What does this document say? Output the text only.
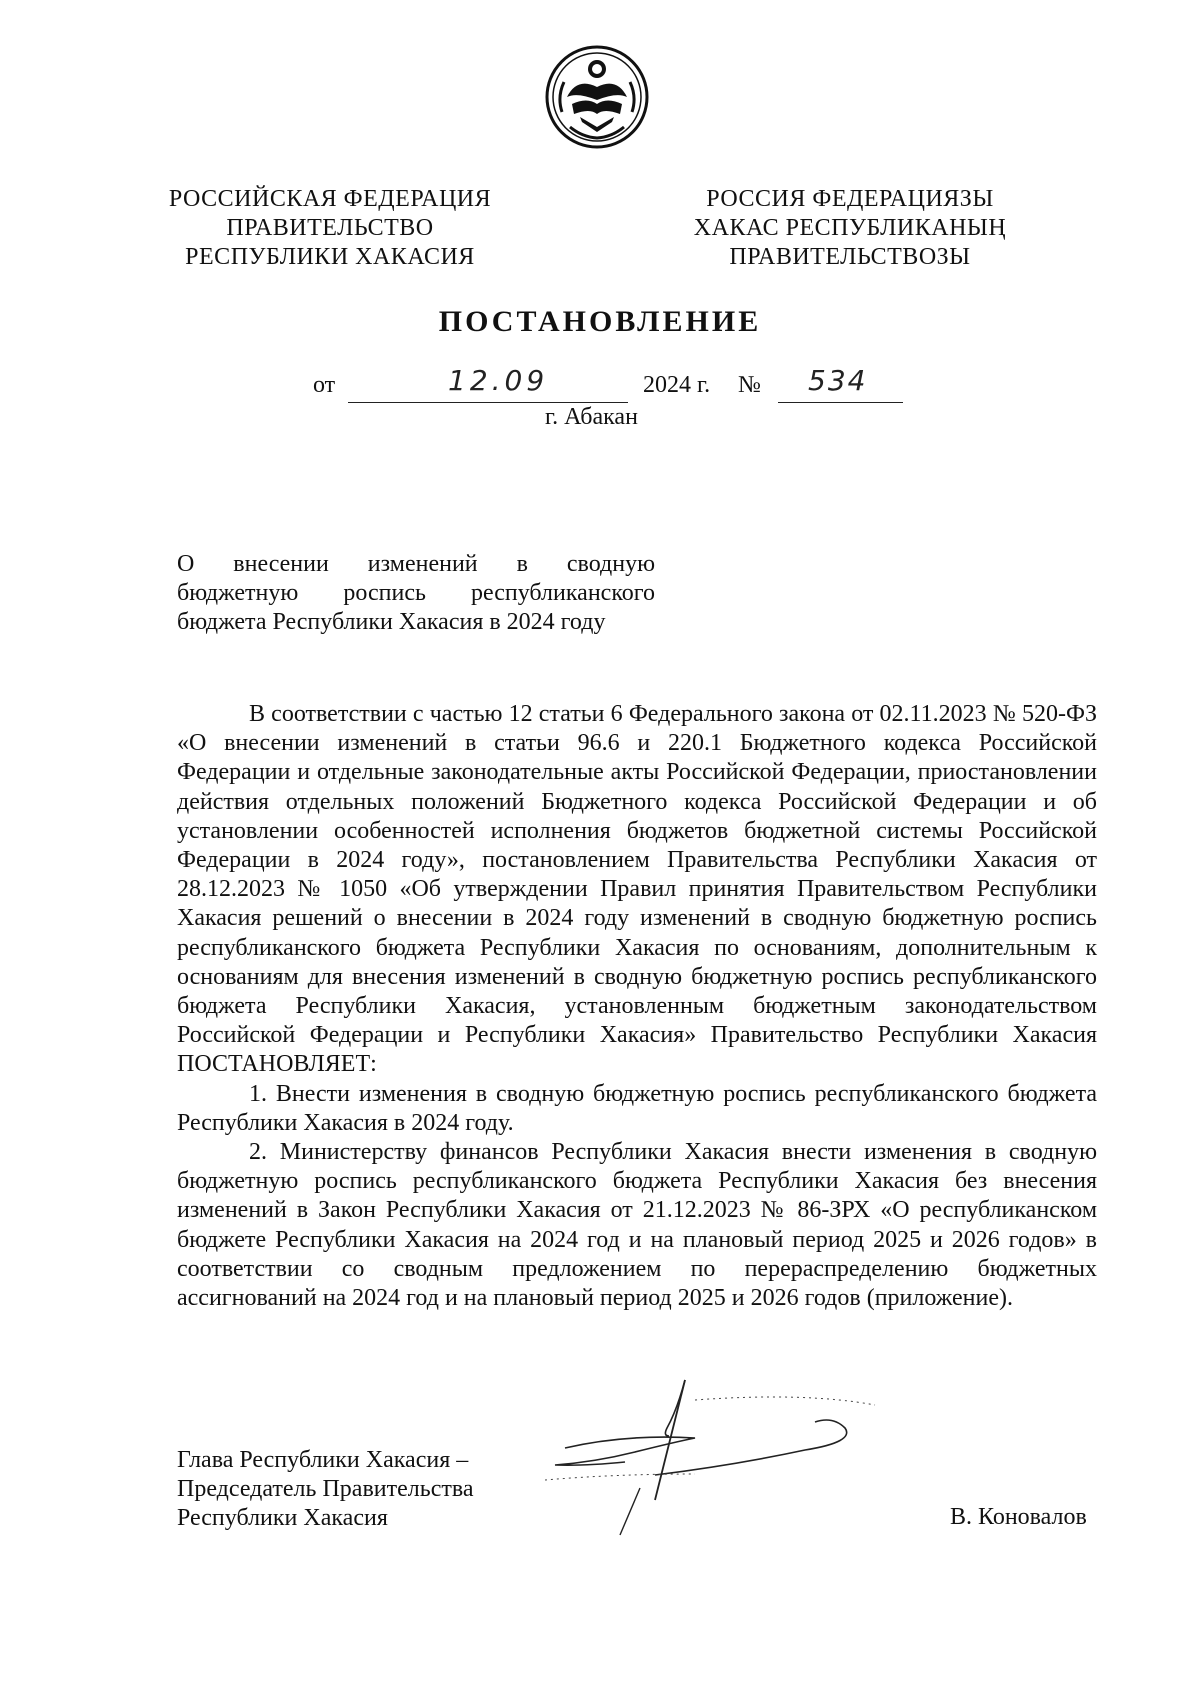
РОССИЙСКАЯ ФЕДЕРАЦИЯ
ПРАВИТЕЛЬСТВО
РЕСПУБЛИКИ ХАКАСИЯ
РОССИЯ ФЕДЕРАЦИЯЗЫ
ХАКАС РЕСПУБЛИКАНЫҢ
ПРАВИТЕЛЬСТВОЗЫ
ПОСТАНОВЛЕНИЕ
от	12.09	2024 г. № 534
г. Абакан
О внесении изменений в сводную
бюджетную роспись республиканского
бюджета Республики Хакасия в 2024 году

В соответствии с частью 12 статьи 6 Федерального закона от 02.11.2023 № 520-ФЗ «О внесении изменений в статьи 96.6 и 220.1 Бюджетного кодекса Российской Федерации и отдельные законодательные акты Российской Федерации, приостановлении действия отдельных положений Бюджетного кодекса Российской Федерации и об установлении особенностей исполнения бюджетов бюджетной системы Российской Федерации в 2024 году», постановлением Правительства Республики Хакасия от 28.12.2023 № 1050 «Об утверждении Правил принятия Правительством Республики Хакасия решений о внесении в 2024 году изменений в сводную бюджетную роспись республиканского бюджета Республики Хакасия по основаниям, дополнительным к основаниям для внесения изменений в сводную бюджетную роспись республиканского бюджета Республики Хакасия, установленным бюджетным законодательством Российской Федерации и Республики Хакасия» Правительство Республики Хакасия ПОСТАНОВЛЯЕТ:

1. Внести изменения в сводную бюджетную роспись республиканского бюджета Республики Хакасия в 2024 году.

2. Министерству финансов Республики Хакасия внести изменения в сводную бюджетную роспись республиканского бюджета Республики Хакасия без внесения изменений в Закон Республики Хакасия от 21.12.2023 № 86-ЗРХ «О республиканском бюджете Республики Хакасия на 2024 год и на плановый период 2025 и 2026 годов» в соответствии со сводным предложением по перераспределению бюджетных ассигнований на 2024 год и на плановый период 2025 и 2026 годов (приложение).

Глава Республики Хакасия –
Председатель Правительства
Республики Хакасия	В. Коновалов
